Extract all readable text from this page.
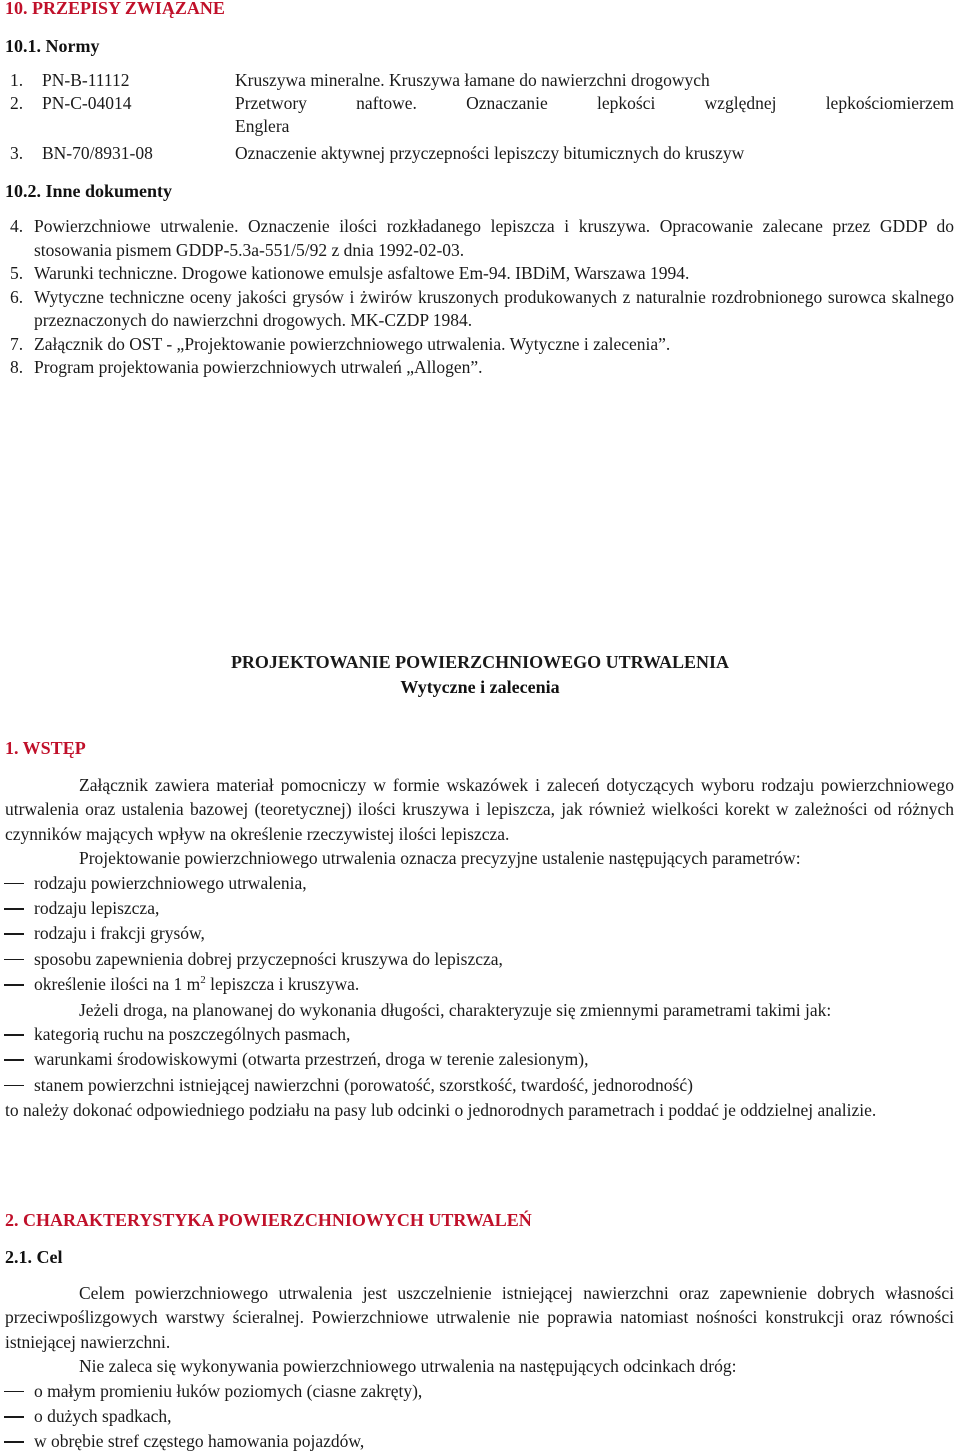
10. PRZEPISY ZWIĄZANE
10.1. Normy
1. PN-B-11112	Kruszywa mineralne. Kruszywa łamane do nawierzchni drogowych
2. PN-C-04014	Przetwory naftowe. Oznaczanie lepkości względnej lepkościomierzem
Englera
3. BN-70/8931-08	Oznaczenie aktywnej przyczepności lepiszczy bitumicznych do kruszyw
10.2. Inne dokumenty
4. Powierzchniowe utrwalenie. Oznaczenie ilości rozkładanego lepiszcza i kruszywa. Opracowanie zalecane przez GDDP do stosowania pismem GDDP-5.3a-551/5/92 z dnia 1992-02-03.
5. Warunki techniczne. Drogowe kationowe emulsje asfaltowe Em-94. IBDiM, Warszawa 1994.
6. Wytyczne techniczne oceny jakości grysów i żwirów kruszonych produkowanych z naturalnie rozdrobnionego surowca skalnego przeznaczonych do nawierzchni drogowych. MK-CZDP 1984.
7. Załącznik do OST - „Projektowanie powierzchniowego utrwalenia. Wytyczne i zalecenia”.
8. Program projektowania powierzchniowych utrwaleń „Allogen”.
PROJEKTOWANIE POWIERZCHNIOWEGO UTRWALENIA
Wytyczne i zalecenia
1. WSTĘP

Załącznik zawiera materiał pomocniczy w formie wskazówek i zaleceń dotyczących wyboru rodzaju powierzchniowego utrwalenia oraz ustalenia bazowej (teoretycznej) ilości kruszywa i lepiszcza, jak również wielkości korekt w zależności od różnych czynników mających wpływ na określenie rzeczywistej ilości lepiszcza.

Projektowanie powierzchniowego utrwalenia oznacza precyzyjne ustalenie następujących parametrów:

rodzaju powierzchniowego utrwalenia,
rodzaju lepiszcza,
rodzaju i frakcji grysów,
sposobu zapewnienia dobrej przyczepności kruszywa do lepiszcza,
określenie ilości na 1 $m^2$ lepiszcza i kruszywa.

Jeżeli droga, na planowanej do wykonania długości, charakteryzuje się zmiennymi parametrami takimi jak:

kategorią ruchu na poszczególnych pasmach,
warunkami środowiskowymi (otwarta przestrzeń, droga w terenie zalesionym),
stanem powierzchni istniejącej nawierzchni (porowatość, szorstkość, twardość, jednorodność)

to należy dokonać odpowiedniego podziału na pasy lub odcinki o jednorodnych parametrach i poddać je oddzielnej analizie.

2. CHARAKTERYSTYKA POWIERZCHNIOWYCH UTRWALEŃ
2.1. Cel

Celem powierzchniowego utrwalenia jest uszczelnienie istniejącej nawierzchni oraz zapewnienie dobrych własności przeciwpoślizgowych warstwy ścieralnej. Powierzchniowe utrwalenie nie poprawia natomiast nośności konstrukcji oraz równości istniejącej nawierzchni.

Nie zaleca się wykonywania powierzchniowego utrwalenia na następujących odcinkach dróg:

o małym promieniu łuków poziomych (ciasne zakręty),
o dużych spadkach,
w obrębie stref częstego hamowania pojazdów,
